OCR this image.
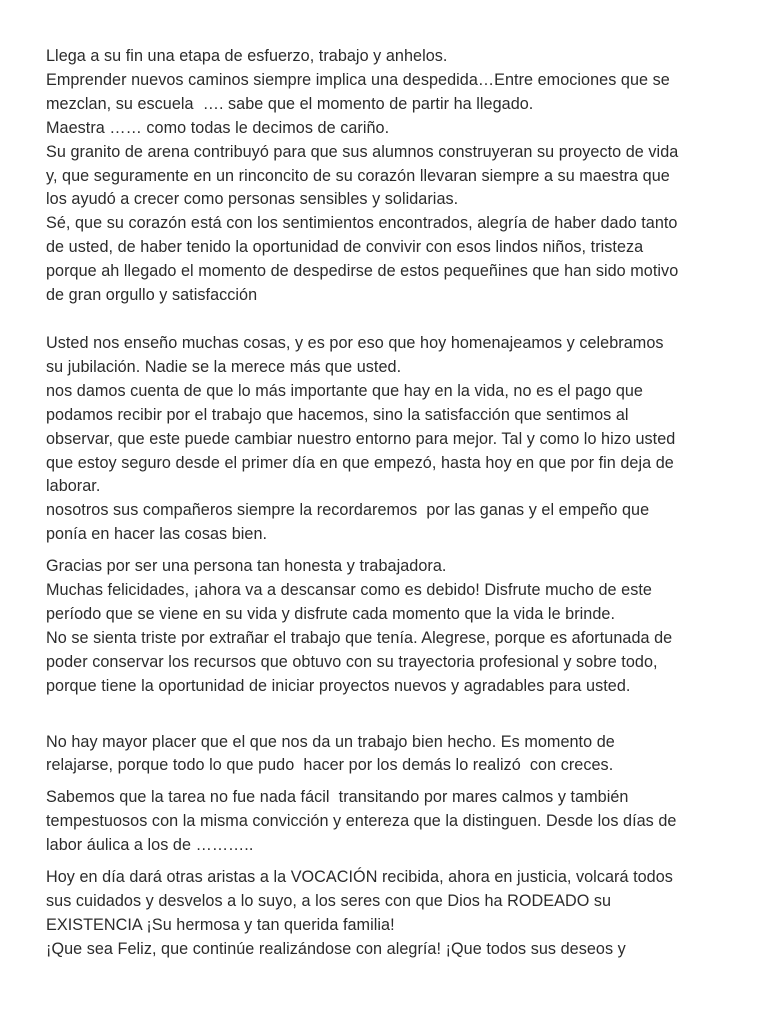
Llega a su fin una etapa de esfuerzo, trabajo y anhelos.
Emprender nuevos caminos siempre implica una despedida…Entre emociones que se
mezclan, su escuela  …. sabe que el momento de partir ha llegado.
Maestra …… como todas le decimos de cariño.
Su granito de arena contribuyó para que sus alumnos construyeran su proyecto de vida
y, que seguramente en un rinconcito de su corazón llevaran siempre a su maestra que
los ayudó a crecer como personas sensibles y solidarias.
Sé, que su corazón está con los sentimientos encontrados, alegría de haber dado tanto
de usted, de haber tenido la oportunidad de convivir con esos lindos niños, tristeza
porque ah llegado el momento de despedirse de estos pequeñines que han sido motivo
de gran orgullo y satisfacción

Usted nos enseño muchas cosas, y es por eso que hoy homenajeamos y celebramos
su jubilación. Nadie se la merece más que usted.
nos damos cuenta de que lo más importante que hay en la vida, no es el pago que
podamos recibir por el trabajo que hacemos, sino la satisfacción que sentimos al
observar, que este puede cambiar nuestro entorno para mejor. Tal y como lo hizo usted
que estoy seguro desde el primer día en que empezó, hasta hoy en que por fin deja de
laborar.
nosotros sus compañeros siempre la recordaremos  por las ganas y el empeño que
ponía en hacer las cosas bien.

Gracias por ser una persona tan honesta y trabajadora.
Muchas felicidades, ¡ahora va a descansar como es debido! Disfrute mucho de este
período que se viene en su vida y disfrute cada momento que la vida le brinde.
No se sienta triste por extrañar el trabajo que tenía. Alegrese, porque es afortunada de
poder conservar los recursos que obtuvo con su trayectoria profesional y sobre todo,
porque tiene la oportunidad de iniciar proyectos nuevos y agradables para usted.

No hay mayor placer que el que nos da un trabajo bien hecho. Es momento de
relajarse, porque todo lo que pudo  hacer por los demás lo realizó  con creces.

Sabemos que la tarea no fue nada fácil  transitando por mares calmos y también
tempestuosos con la misma convicción y entereza que la distinguen. Desde los días de
labor áulica a los de ………..

Hoy en día dará otras aristas a la VOCACIÓN recibida, ahora en justicia, volcará todos
sus cuidados y desvelos a lo suyo, a los seres con que Dios ha RODEADO su
EXISTENCIA ¡Su hermosa y tan querida familia!
¡Que sea Feliz, que continúe realizándose con alegría! ¡Que todos sus deseos y
